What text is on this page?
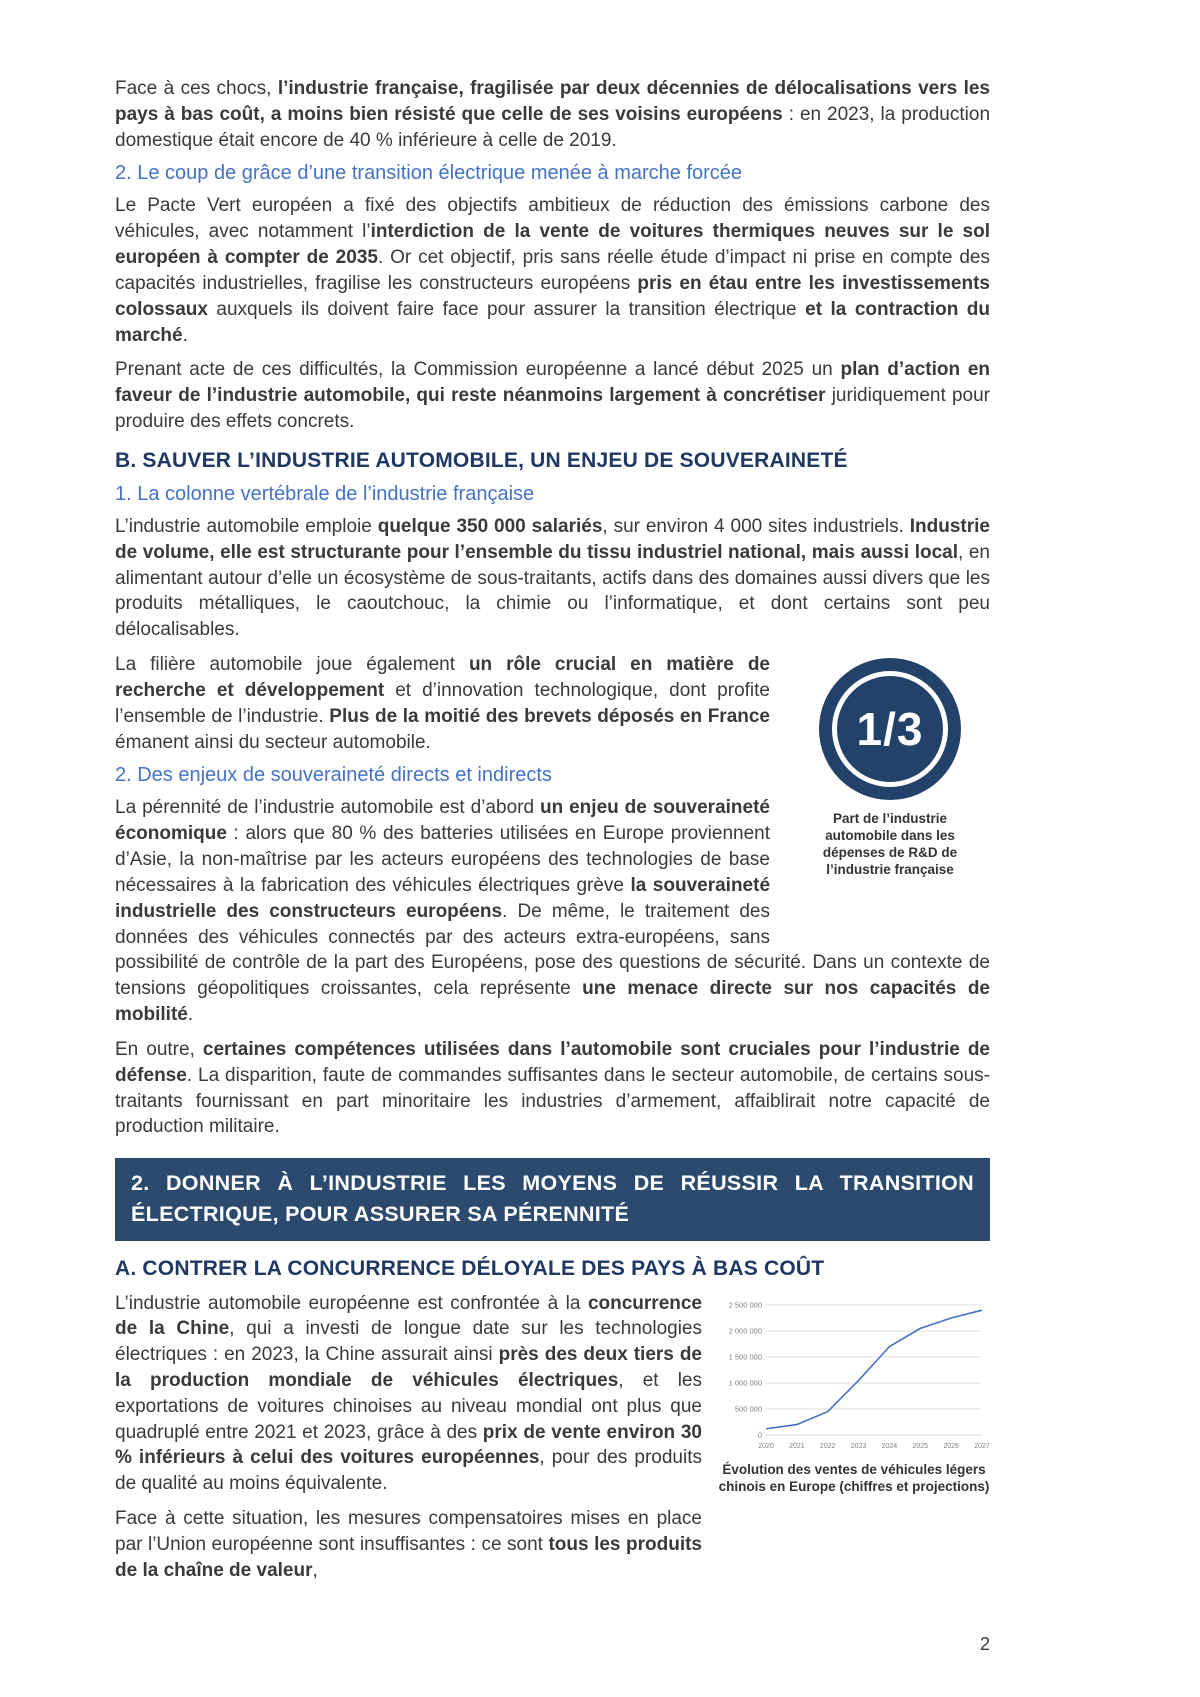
Face à ces chocs, l’industrie française, fragilisée par deux décennies de délocalisations vers les pays à bas coût, a moins bien résisté que celle de ses voisins européens : en 2023, la production domestique était encore de 40 % inférieure à celle de 2019.

2. Le coup de grâce d’une transition électrique menée à marche forcée

Le Pacte Vert européen a fixé des objectifs ambitieux de réduction des émissions carbone des véhicules, avec notamment l’interdiction de la vente de voitures thermiques neuves sur le sol européen à compter de 2035. Or cet objectif, pris sans réelle étude d’impact ni prise en compte des capacités industrielles, fragilise les constructeurs européens pris en étau entre les investissements colossaux auxquels ils doivent faire face pour assurer la transition électrique et la contraction du marché.

Prenant acte de ces difficultés, la Commission européenne a lancé début 2025 un plan d’action en faveur de l’industrie automobile, qui reste néanmoins largement à concrétiser juridiquement pour produire des effets concrets.

B. SAUVER L’INDUSTRIE AUTOMOBILE, UN ENJEU DE SOUVERAINETÉ
1. La colonne vertébrale de l’industrie française

L’industrie automobile emploie quelque 350 000 salariés, sur environ 4 000 sites industriels. Industrie de volume, elle est structurante pour l’ensemble du tissu industriel national, mais aussi local, en alimentant autour d’elle un écosystème de sous-traitants, actifs dans des domaines aussi divers que les produits métalliques, le caoutchouc, la chimie ou l’informatique, et dont certains sont peu délocalisables.

1/3
Part de l’industrie automobile dans les dépenses de R&D de l’industrie française

La filière automobile joue également un rôle crucial en matière de recherche et développement et d’innovation technologique, dont profite l’ensemble de l’industrie. Plus de la moitié des brevets déposés en France émanent ainsi du secteur automobile.

2. Des enjeux de souveraineté directs et indirects

La pérennité de l’industrie automobile est d’abord un enjeu de souveraineté économique : alors que 80 % des batteries utilisées en Europe proviennent d’Asie, la non-maîtrise par les acteurs européens des technologies de base nécessaires à la fabrication des véhicules électriques grève la souveraineté industrielle des constructeurs européens. De même, le traitement des données des véhicules connectés par des acteurs extra-européens, sans possibilité de contrôle de la part des Européens, pose des questions de sécurité. Dans un contexte de tensions géopolitiques croissantes, cela représente une menace directe sur nos capacités de mobilité.

En outre, certaines compétences utilisées dans l’automobile sont cruciales pour l’industrie de défense. La disparition, faute de commandes suffisantes dans le secteur automobile, de certains sous-traitants fournissant en part minoritaire les industries d’armement, affaiblirait notre capacité de production militaire.

2. DONNER À L’INDUSTRIE LES MOYENS DE RÉUSSIR LA TRANSITION ÉLECTRIQUE, POUR ASSURER SA PÉRENNITÉ
A. CONTRER LA CONCURRENCE DÉLOYALE DES PAYS À BAS COÛT
0
500 000
1 000 000
1 500 000
2 000 000
2 500 000
2020 2021 2022 2023 2024 2025 2026 2027
Évolution des ventes de véhicules légers chinois en Europe (chiffres et projections)

L’industrie automobile européenne est confrontée à la concurrence de la Chine, qui a investi de longue date sur les technologies électriques : en 2023, la Chine assurait ainsi près des deux tiers de la production mondiale de véhicules électriques, et les exportations de voitures chinoises au niveau mondial ont plus que quadruplé entre 2021 et 2023, grâce à des prix de vente environ 30 % inférieurs à celui des voitures européennes, pour des produits de qualité au moins équivalente.

Face à cette situation, les mesures compensatoires mises en place par l’Union européenne sont insuffisantes : ce sont tous les produits de la chaîne de valeur,

2
